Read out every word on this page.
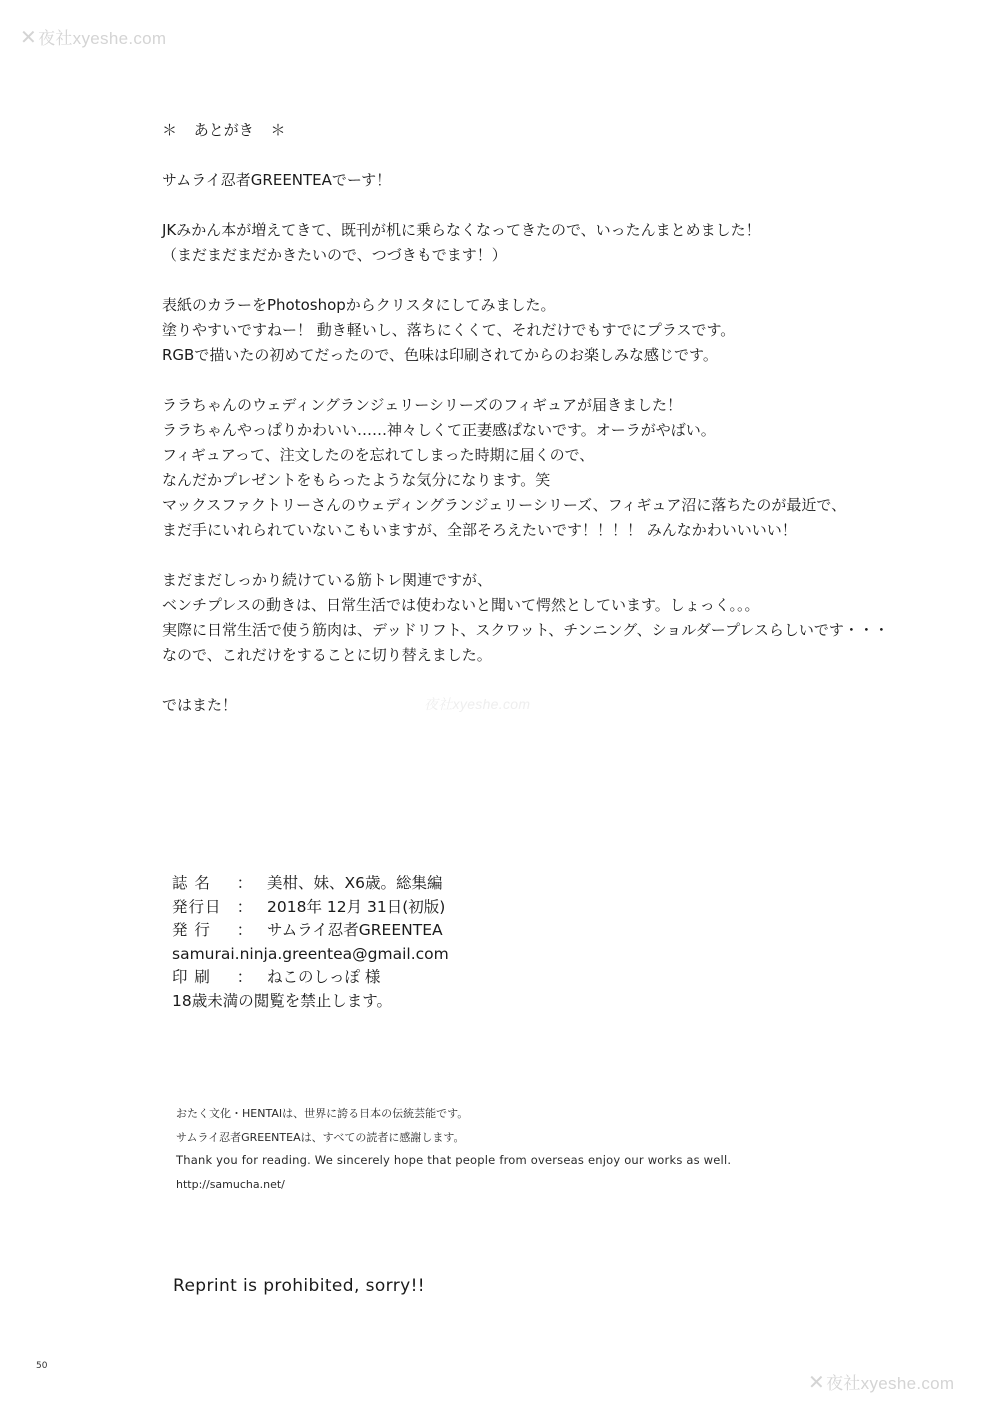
✕夜社xyeshe.com
夜社xyeshe.com
＊ あとがき ＊
サムライ忍者GREENTEAでーす！
JKみかん本が増えてきて、既刊が机に乗らなくなってきたので、いったんまとめました！
（まだまだまだかきたいので、つづきもでます！）
表紙のカラーをPhotoshopからクリスタにしてみました。
塗りやすいですねー！ 動き軽いし、落ちにくくて、それだけでもすでにプラスです。
RGBで描いたの初めてだったので、色味は印刷されてからのお楽しみな感じです。
ララちゃんのウェディングランジェリーシリーズのフィギュアが届きました！
ララちゃんやっぱりかわいい……神々しくて正妻感ぱないです。オーラがやばい。
フィギュアって、注文したのを忘れてしまった時期に届くので、
なんだかプレゼントをもらったような気分になります。笑
マックスファクトリーさんのウェディングランジェリーシリーズ、フィギュア沼に落ちたのが最近で、
まだ手にいれられていないこもいますが、全部そろえたいです！！！！ みんなかわいいいい！
まだまだしっかり続けている筋トレ関連ですが、
ベンチプレスの動きは、日常生活では使わないと聞いて愕然としています。しょっく。。。
実際に日常生活で使う筋肉は、デッドリフト、スクワット、チンニング、ショルダープレスらしいです・・・
なので、これだけをすることに切り替えました。
ではまた！
誌 名	： 美柑、妹、X6歳。総集編
発行日 ： 2018年 12月 31日(初版)
発 行	： サムライ忍者GREENTEA
samurai.ninja.greentea@gmail.com
印 刷	： ねこのしっぽ 様
18歳未満の閲覧を禁止します。
おたく文化・HENTAIは、世界に誇る日本の伝統芸能です。
サムライ忍者GREENTEAは、すべての読者に感謝します。
Thank you for reading. We sincerely hope that people from overseas enjoy our works as well.
http://samucha.net/
Reprint is prohibited, sorry!!
50
✕夜社xyeshe.com
